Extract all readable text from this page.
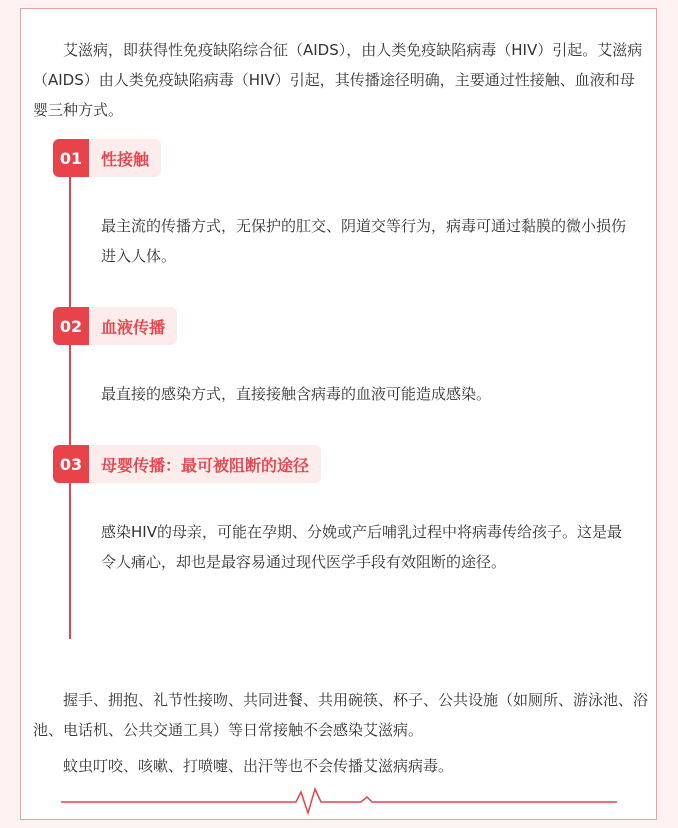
艾滋病，即获得性免疫缺陷综合征（AIDS），由人类免疫缺陷病毒（HIV）引起。艾滋病（AIDS）由人类免疫缺陷病毒（HIV）引起，其传播途径明确，主要通过性接触、血液和母婴三种方式。

01	性接触

最主流的传播方式，无保护的肛交、阴道交等行为，病毒可通过黏膜的微小损伤进入人体。

02	血液传播

最直接的感染方式，直接接触含病毒的血液可能造成感染。

03	母婴传播：最可被阻断的途径

感染HIV的母亲，可能在孕期、分娩或产后哺乳过程中将病毒传给孩子。这是最令人痛心，却也是最容易通过现代医学手段有效阻断的途径。

握手、拥抱、礼节性接吻、共同进餐、共用碗筷、杯子、公共设施（如厕所、游泳池、浴池、电话机、公共交通工具）等日常接触不会感染艾滋病。

蚊虫叮咬、咳嗽、打喷嚏、出汗等也不会传播艾滋病病毒。
